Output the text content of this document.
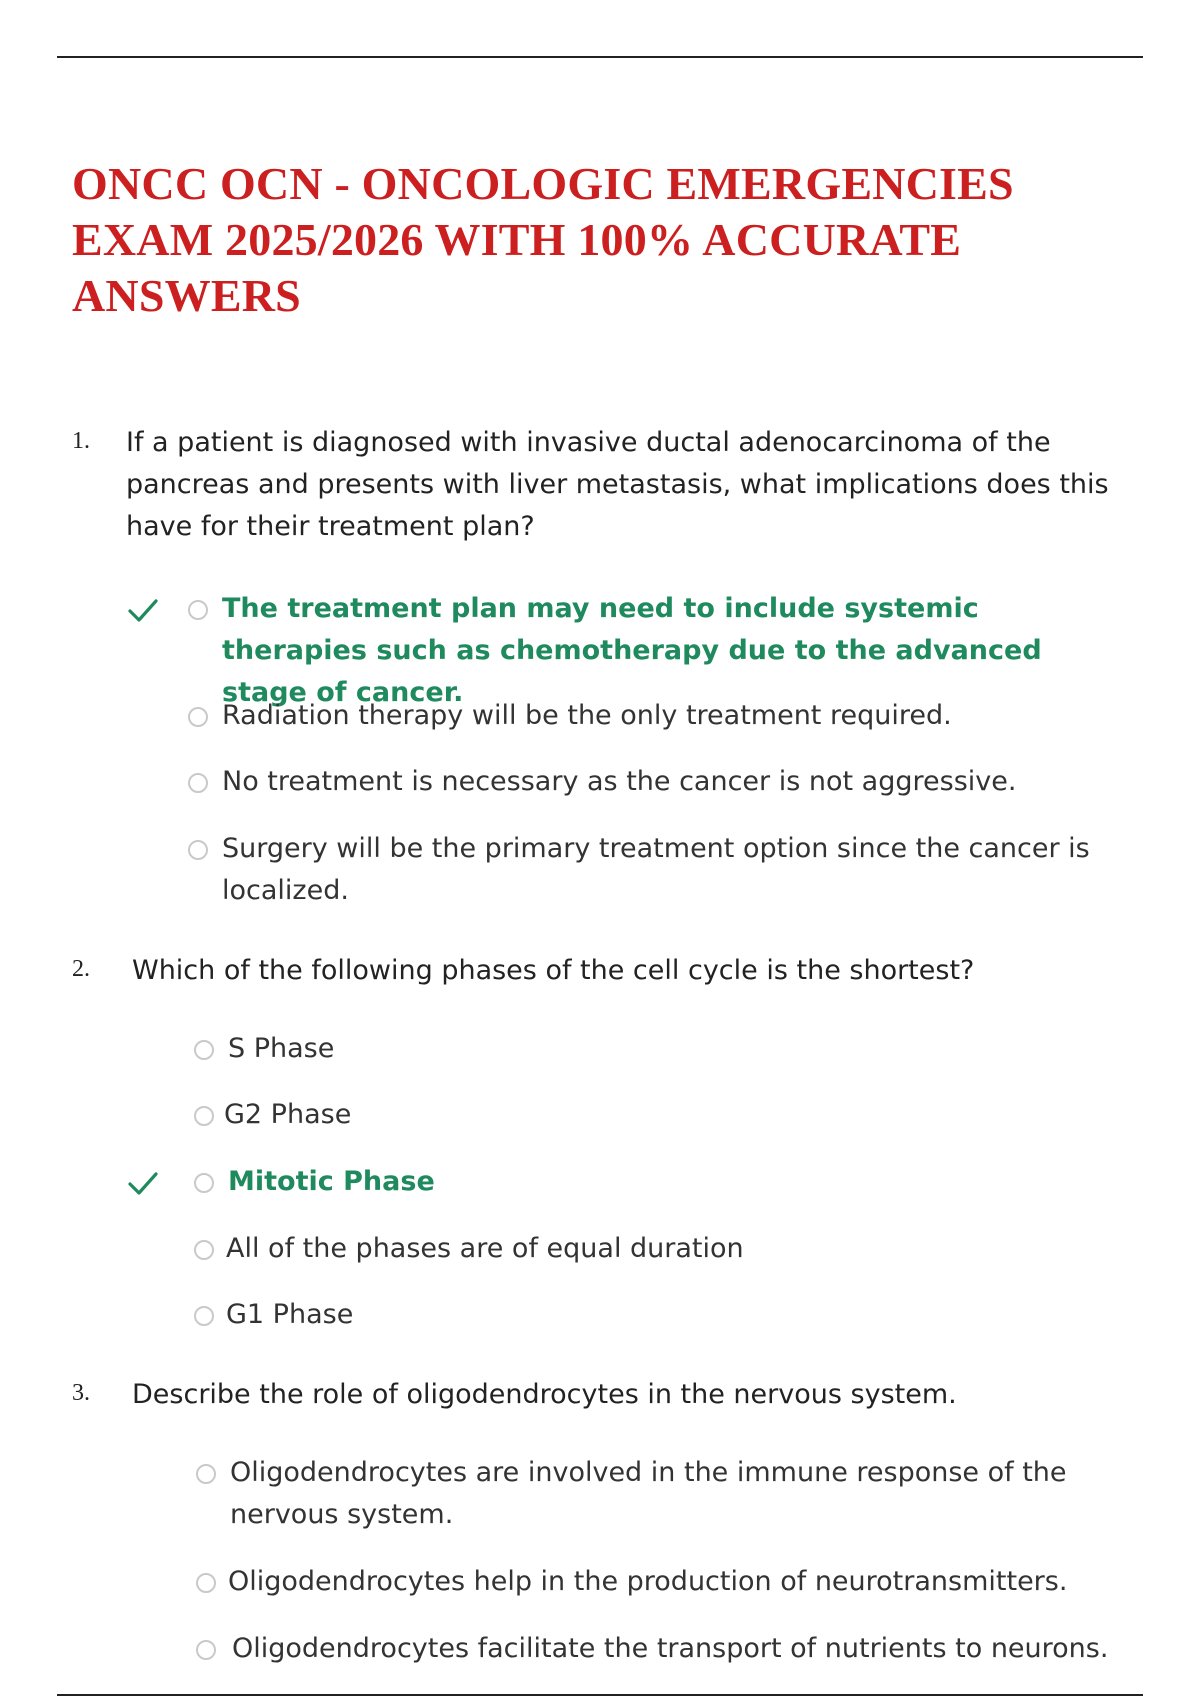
ONCC OCN - ONCOLOGIC EMERGENCIES EXAM 2025/2026 WITH 100% ACCURATE ANSWERS
1. If a patient is diagnosed with invasive ductal adenocarcinoma of the pancreas and presents with liver metastasis, what implications does this have for their treatment plan?
The treatment plan may need to include systemic therapies such as chemotherapy due to the advanced stage of cancer.
Radiation therapy will be the only treatment required.
No treatment is necessary as the cancer is not aggressive.
Surgery will be the primary treatment option since the cancer is localized.
2. Which of the following phases of the cell cycle is the shortest?
S Phase
G2 Phase
Mitotic Phase
All of the phases are of equal duration
G1 Phase
3. Describe the role of oligodendrocytes in the nervous system.
Oligodendrocytes are involved in the immune response of the nervous system.
Oligodendrocytes help in the production of neurotransmitters.
Oligodendrocytes facilitate the transport of nutrients to neurons.
